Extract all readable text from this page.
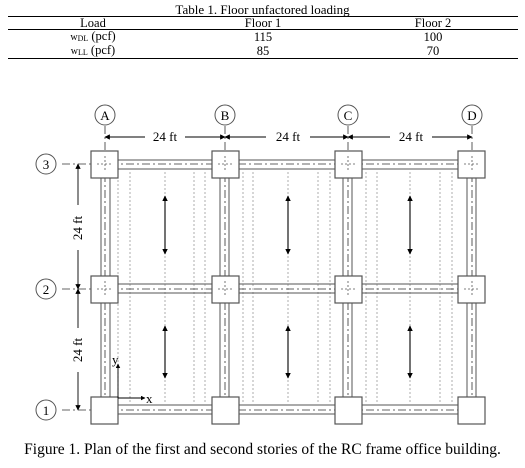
Table 1. Floor unfactored loading
Load	Floor 1	Floor 2
$w_{DL}$ (pcf)	115	100
$w_{LL}$ (pcf)	85	70
A	B	C	D
3
2
1
24 ft	24 ft	24 ft
24 ft
24 ft y
x
Figure 1. Plan of the first and second stories of the RC frame office building.
